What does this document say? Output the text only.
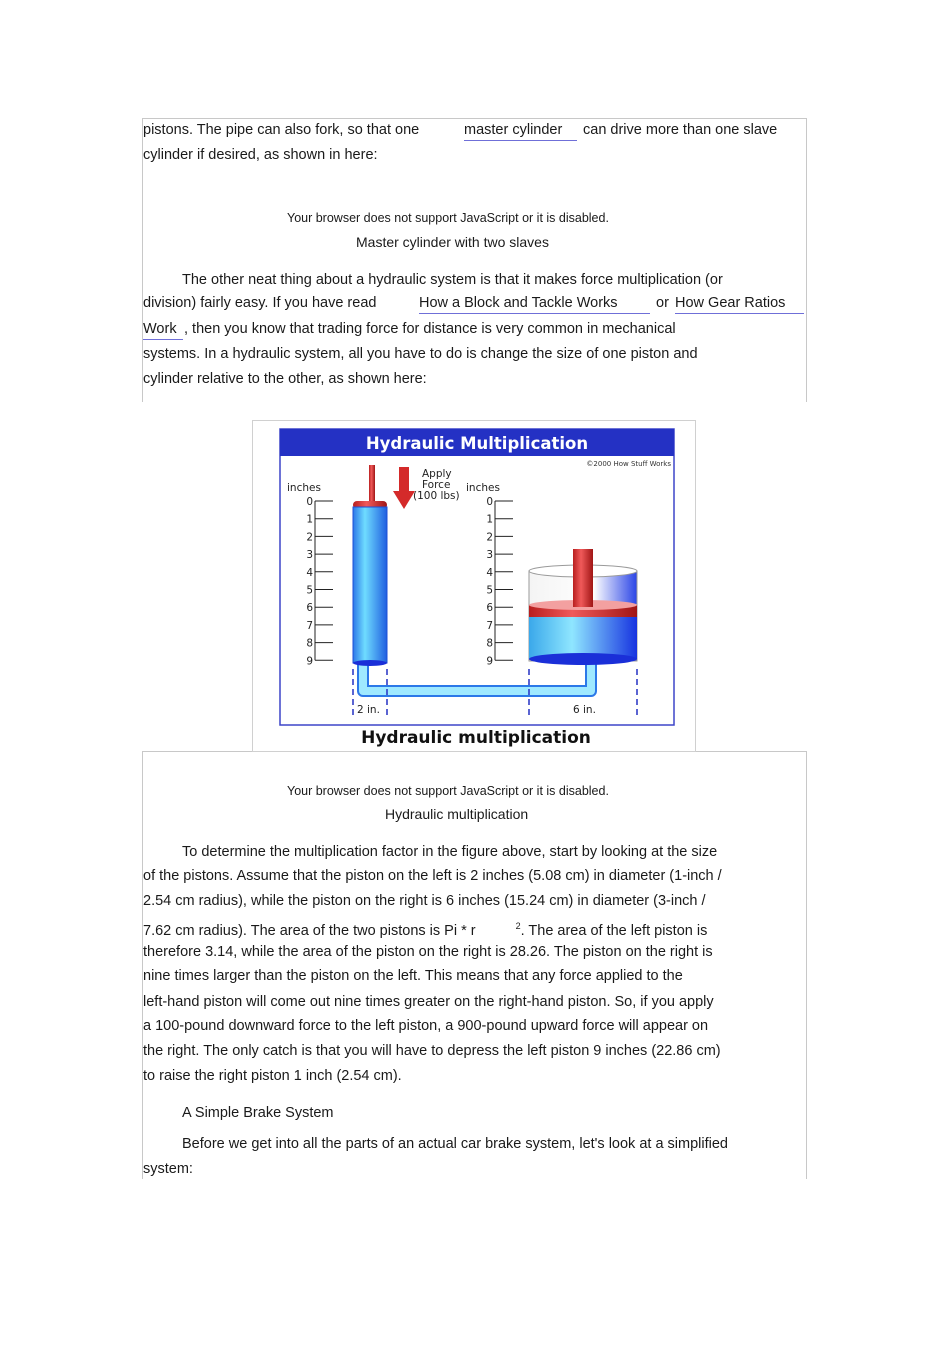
pistons. The pipe can also fork, so that one	master cylinder	can drive more than one slave
cylinder if desired, as shown in here:
Your browser does not support JavaScript or it is disabled.
Master cylinder with two slaves
The other neat thing about a hydraulic system is that it makes force multiplication (or
division) fairly easy. If you have read	How a Block and Tackle Works	or How Gear Ratios
Work , then you know that trading force for distance is very common in mechanical
systems. In a hydraulic system, all you have to do is change the size of one piston and
cylinder relative to the other, as shown here:
Hydraulic Multiplication
©2000 How Stuff Works
inches	inches
Apply
Force
(100 lbs)
0
1
2
3
4
5
6
7
8
9
0
1
2
3
4
5
6
7
8
9
2 in.	6 in.
Hydraulic multiplication
Your browser does not support JavaScript or it is disabled.
Hydraulic multiplication
To determine the multiplication factor in the figure above, start by looking at the size
of the pistons. Assume that the piston on the left is 2 inches (5.08 cm) in diameter (1-inch /
2.54 cm radius), while the piston on the right is 6 inches (15.24 cm) in diameter (3-inch /
7.62 cm radius). The area of the two pistons is Pi * r	$^2$. The area of the left piston is
therefore 3.14, while the area of the piston on the right is 28.26. The piston on the right is
nine times larger than the piston on the left. This means that any force applied to the
left-hand piston will come out nine times greater on the right-hand piston. So, if you apply
a 100-pound downward force to the left piston, a 900-pound upward force will appear on
the right. The only catch is that you will have to depress the left piston 9 inches (22.86 cm)
to raise the right piston 1 inch (2.54 cm).
A Simple Brake System
Before we get into all the parts of an actual car brake system, let's look at a simplified
system:
